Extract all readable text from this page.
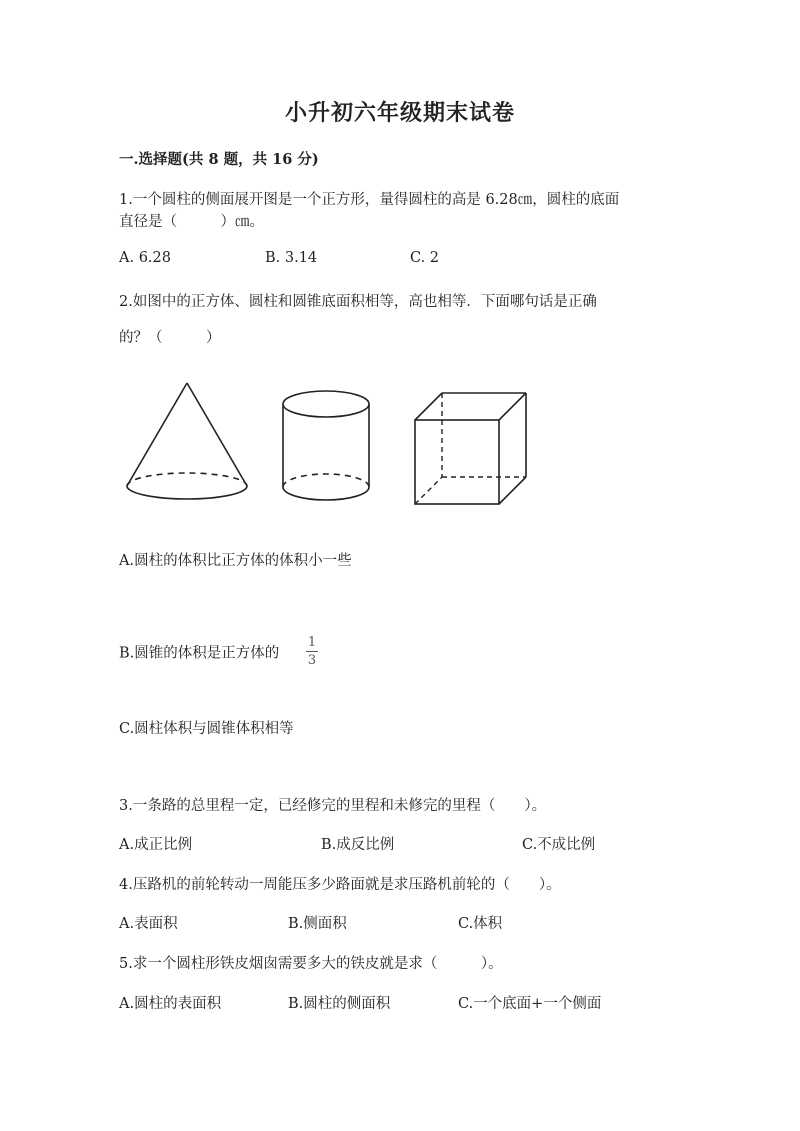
小升初六年级期末试卷
一.选择题(共 8 题，共 16 分)
1.一个圆柱的侧面展开图是一个正方形，量得圆柱的高是 6.28㎝，圆柱的底面
直径是（　　　）㎝。
A. 6.28	B. 3.14	C. 2
2.如图中的正方体、圆柱和圆锥底面积相等，高也相等．下面哪句话是正确
的？（　　　）
A.圆柱的体积比正方体的体积小一些
B.圆锥的体积是正方体的 $\frac{1}{3}$
C.圆柱体积与圆锥体积相等
3.一条路的总里程一定，已经修完的里程和未修完的里程（　　）。
A.成正比例	B.成反比例	C.不成比例
4.压路机的前轮转动一周能压多少路面就是求压路机前轮的（　　）。
A.表面积	B.侧面积	C.体积
5.求一个圆柱形铁皮烟囱需要多大的铁皮就是求（　　　）。
A.圆柱的表面积	B.圆柱的侧面积	C.一个底面+一个侧面
